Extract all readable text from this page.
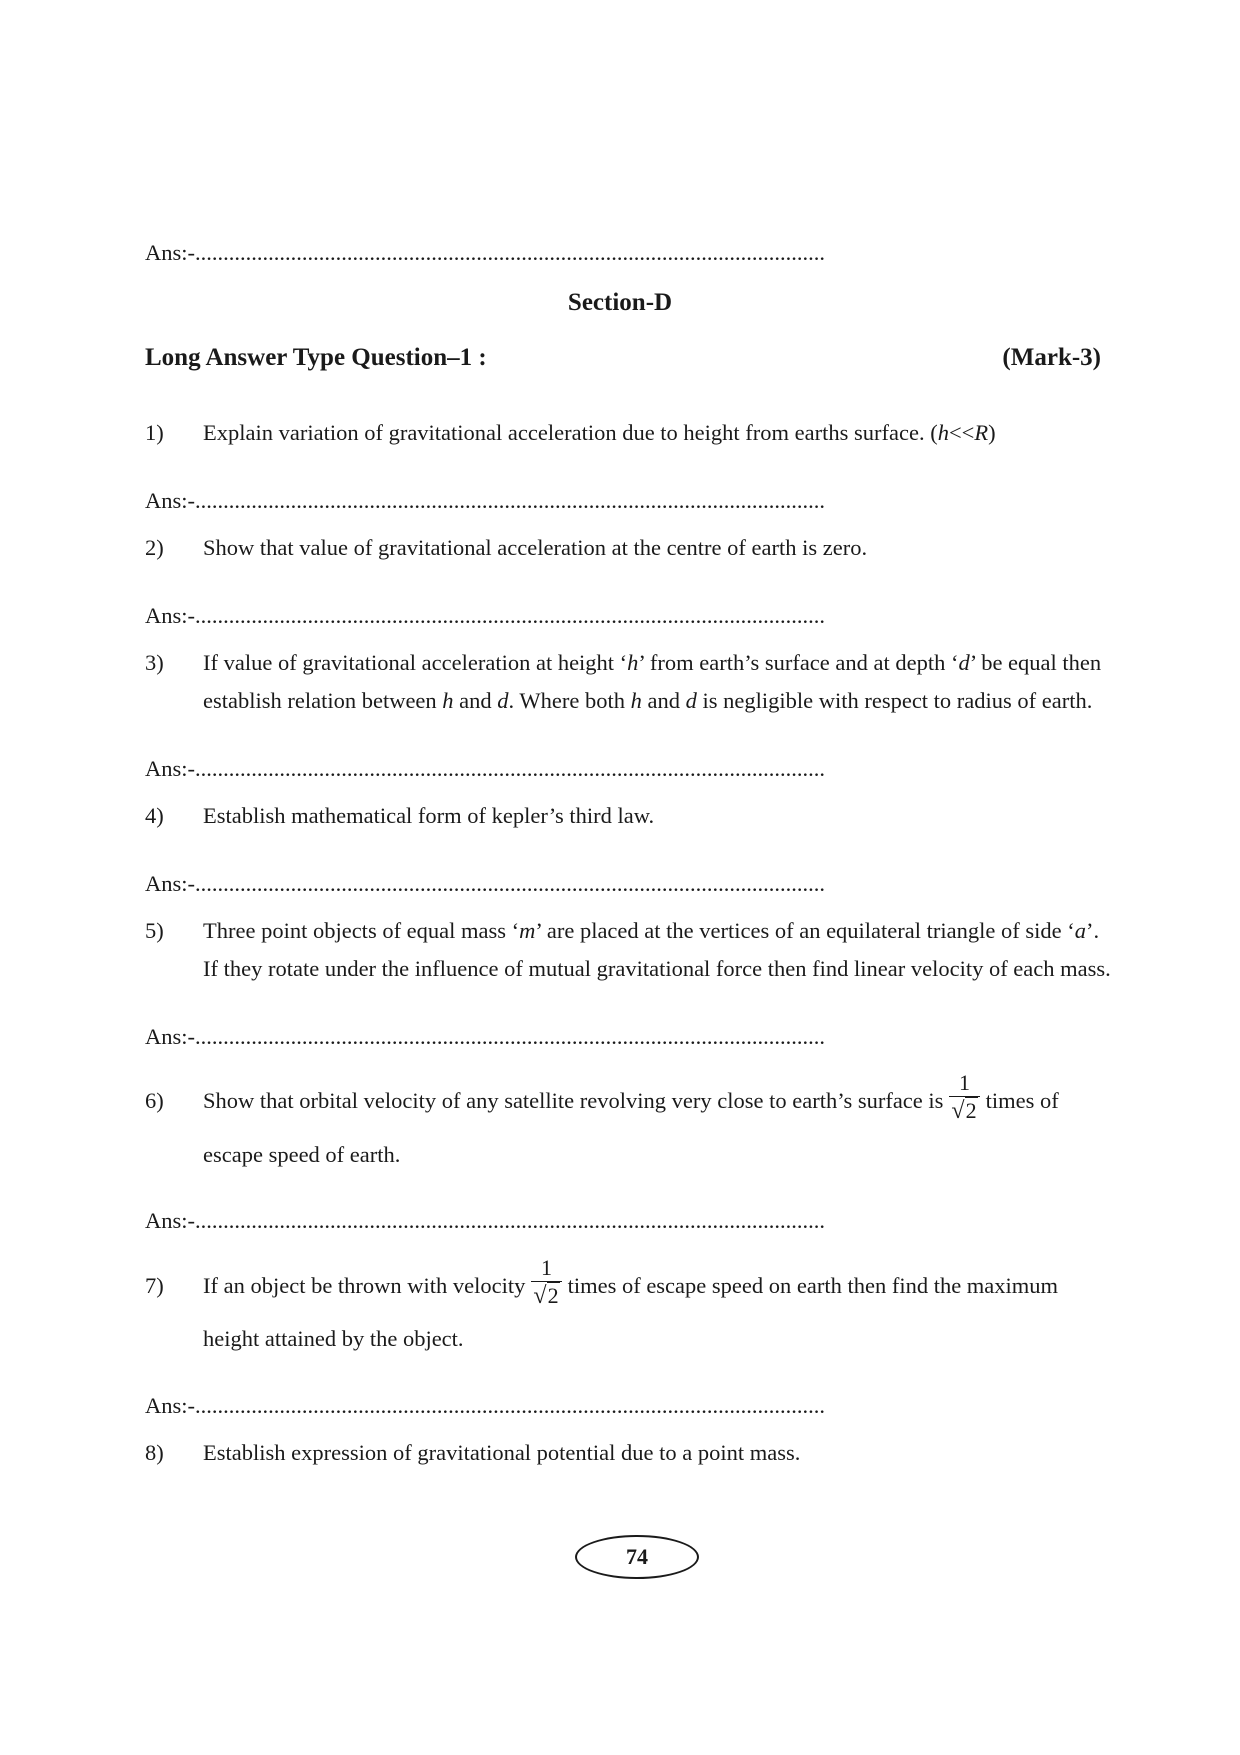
Ans:-................................................................................................................
Section-D
Long Answer Type Question–1 :	(Mark-3)
1) Explain variation of gravitational acceleration due to height from earths surface. (h<<R)
Ans:-................................................................................................................
2) Show that value of gravitational acceleration at the centre of earth is zero.
Ans:-................................................................................................................
3) If value of gravitational acceleration at height ‘h’ from earth’s surface and at depth ‘d’ be equal then
establish relation between h and d. Where both h and d is negligible with respect to radius of earth.
Ans:-................................................................................................................
4) Establish mathematical form of kepler’s third law.
Ans:-................................................................................................................
5) Three point objects of equal mass ‘m’ are placed at the vertices of an equilateral triangle of side ‘a’.
If they rotate under the influence of mutual gravitational force then find linear velocity of each mass.
Ans:-................................................................................................................
6) Show that orbital velocity of any satellite revolving very close to earth’s surface is $\frac{1}{√2}$ times of
escape speed of earth.
Ans:-................................................................................................................
7) If an object be thrown with velocity $\frac{1}{√2}$ times of escape speed on earth then find the maximum
height attained by the object.
Ans:-................................................................................................................
8) Establish expression of gravitational potential due to a point mass.
74
